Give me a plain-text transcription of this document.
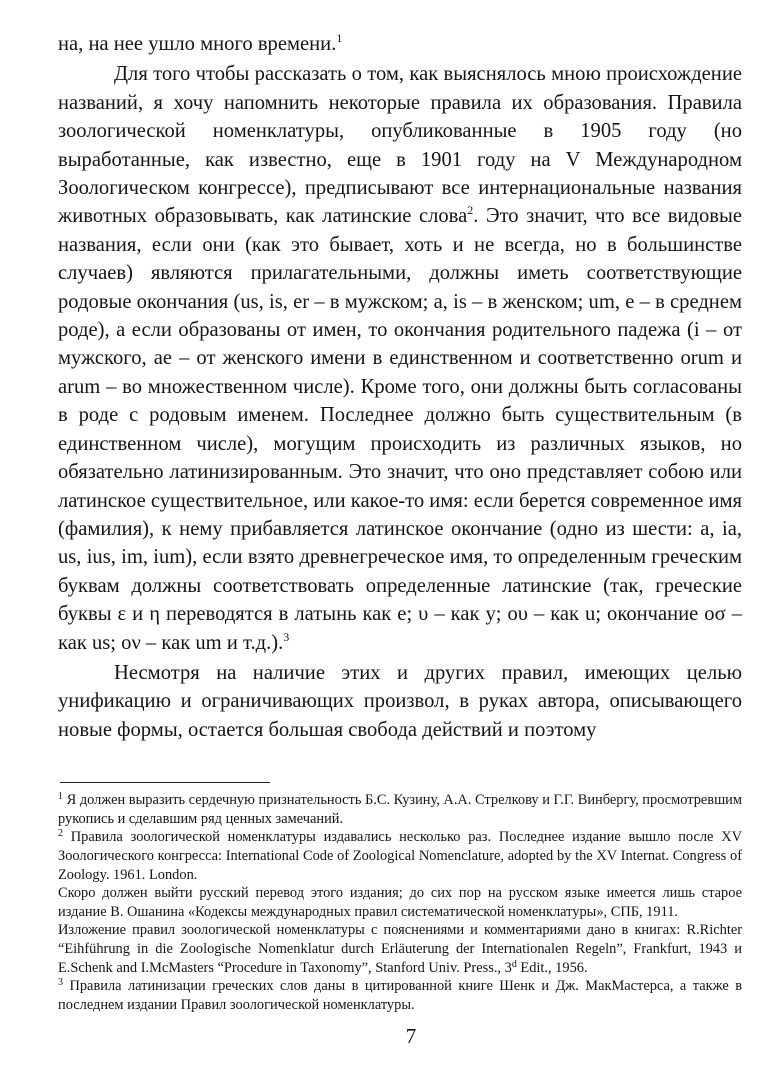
на, на нее ушло много времени.$^1$

Для того чтобы рассказать о том, как выяснялось мною происхождение названий, я хочу напомнить некоторые правила их образования. Правила зоологической номенклатуры, опубликованные в 1905 году (но выработанные, как известно, еще в 1901 году на V Международном Зоологическом конгрессе), предписывают все интернациональные названия животных образовывать, как латинские слова$^2$. Это значит, что все видовые названия, если они (как это бывает, хоть и не всегда, но в большинстве случаев) являются прилагательными, должны иметь соответствующие родовые окончания (us, is, er – в мужском; a, is – в женском; um, e – в среднем роде), а если образованы от имен, то окончания родительного падежа (i – от мужского, ae – от женского имени в единственном и соответственно orum и arum – во множественном числе). Кроме того, они должны быть согласованы в роде с родовым именем. Последнее должно быть существительным (в единственном числе), могущим происходить из различных языков, но обязательно латинизированным. Это значит, что оно представляет собою или латинское существительное, или какое-то имя: если берется современное имя (фамилия), к нему прибавляется латинское окончание (одно из шести: a, ia, us, ius, im, ium), если взято древнегреческое имя, то определенным греческим буквам должны соответствовать определенные латинские (так, греческие буквы ε и η переводятся в латынь как e; υ – как y; ου – как u; окончание οσ – как us; ον – как um и т.д.).$^3$

Несмотря на наличие этих и других правил, имеющих целью унификацию и ограничивающих произвол, в руках автора, описывающего новые формы, остается большая свобода действий и поэтому

$^1$ Я должен выразить сердечную признательность Б.С. Кузину, А.А. Стрелкову и Г.Г. Винбергу, просмотревшим рукопись и сделавшим ряд ценных замечаний.

$^2$ Правила зоологической номенклатуры издавались несколько раз. Последнее издание вышло после XV Зоологического конгресса: International Code of Zoological Nomenclature, adopted by the XV Internat. Congress of Zoology. 1961. London.

Скоро должен выйти русский перевод этого издания; до сих пор на русском языке имеется лишь старое издание В. Ошанина «Кодексы международных правил систематической номенклатуры», СПБ, 1911.

Изложение правил зоологической номенклатуры с пояснениями и комментариями дано в книгах: R.Richter “Eihführung in die Zoologische Nomenklatur durch Erläuterung der Internationalen Regeln”, Frankfurt, 1943 и E.Schenk and I.McMasters “Procedure in Taxonomy”, Stanford Univ. Press., 3$^d$ Edit., 1956.

$^3$ Правила латинизации греческих слов даны в цитированной книге Шенк и Дж. МакМастерса, а также в последнем издании Правил зоологической номенклатуры.

7
